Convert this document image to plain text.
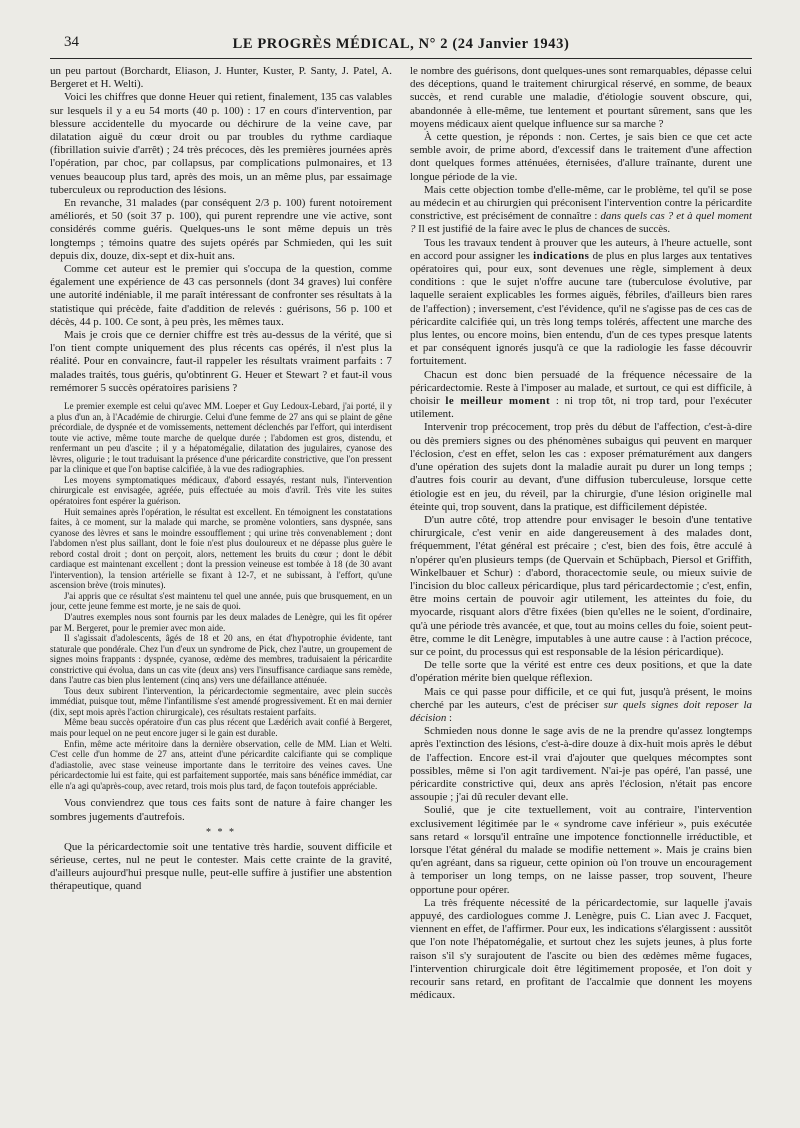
34	LE PROGRÈS MÉDICAL, N° 2 (24 Janvier 1943)

un peu partout (Borchardt, Eliason, J. Hunter, Kuster, P. Santy, J. Patel, A. Bergeret et H. Welti).

Voici les chiffres que donne Heuer qui retient, finalement, 135 cas valables sur lesquels il y a eu 54 morts (40 p. 100) : 17 en cours d'intervention, par blessure accidentelle du myocarde ou déchirure de la veine cave, par dilatation aiguë du cœur droit ou par troubles du rythme cardiaque (fibrillation suivie d'arrêt) ; 24 très précoces, dès les premières journées après l'opération, par choc, par collapsus, par complications pulmonaires, et 13 venues beaucoup plus tard, après des mois, un an même plus, par essaimage tuberculeux ou reproduction des lésions.

En revanche, 31 malades (par conséquent 2/3 p. 100) furent notoirement améliorés, et 50 (soit 37 p. 100), qui purent reprendre une vie active, sont considérés comme guéris. Quelques-uns le sont même depuis un très longtemps ; témoins quatre des sujets opérés par Schmieden, qui les suit depuis dix, douze, dix-sept et dix-huit ans.

Comme cet auteur est le premier qui s'occupa de la question, comme également une expérience de 43 cas personnels (dont 34 graves) lui confère une autorité indéniable, il me paraît intéressant de confronter ses résultats à la statistique qui précède, faite d'addition de relevés : guérisons, 56 p. 100 et décès, 44 p. 100. Ce sont, à peu près, les mêmes taux.

Mais je crois que ce dernier chiffre est très au-dessus de la vérité, que si l'on tient compte uniquement des plus récents cas opérés, il n'est plus la réalité. Pour en convaincre, faut-il rappeler les résultats vraiment parfaits : 7 malades traités, tous guéris, qu'obtinrent G. Heuer et Stewart ? et faut-il vous remémorer 5 succès opératoires parisiens ?

Le premier exemple est celui qu'avec MM. Loeper et Guy Ledoux-Lebard, j'ai porté, il y a plus d'un an, à l'Académie de chirurgie. Celui d'une femme de 27 ans qui se plaint de gêne précordiale, de dyspnée et de vomissements, nettement déclenchés par l'effort, qui interdisent toute vie active, même toute marche de quelque durée ; l'abdomen est gros, distendu, et renfermant un peu d'ascite ; il y a hépatomégalie, dilatation des jugulaires, cyanose des lèvres, oligurie ; le tout traduisant la présence d'une péricardite constrictive, que l'on pressent par la clinique et que l'on baptise calcifiée, à la vue des radiographies.

Les moyens symptomatiques médicaux, d'abord essayés, restant nuls, l'intervention chirurgicale est envisagée, agréée, puis effectuée au mois d'avril. Très vite les suites opératoires font espérer la guérison.

Huit semaines après l'opération, le résultat est excellent. En témoignent les constatations faites, à ce moment, sur la malade qui marche, se promène volontiers, sans dyspnée, sans cyanose des lèvres et sans le moindre essoufflement ; qui urine très convenablement ; dont l'abdomen n'est plus saillant, dont le foie n'est plus douloureux et ne dépasse plus guère le rebord costal droit ; dont on perçoit, alors, nettement les bruits du cœur ; dont le débit cardiaque est maintenant excellent ; dont la pression veineuse est tombée à 18 (de 30 avant l'intervention), la tension artérielle se fixant à 12-7, et ne subissant, à l'effort, qu'une ascension brève (trois minutes).

J'ai appris que ce résultat s'est maintenu tel quel une année, puis que brusquement, en un jour, cette jeune femme est morte, je ne sais de quoi.

D'autres exemples nous sont fournis par les deux malades de Lenègre, qui les fit opérer par M. Bergeret, pour le premier avec mon aide.

Il s'agissait d'adolescents, âgés de 18 et 20 ans, en état d'hypotrophie évidente, tant staturale que pondérale. Chez l'un d'eux un syndrome de Pick, chez l'autre, un groupement de signes moins frappants : dyspnée, cyanose, œdème des membres, traduisaient la péricardite constrictive qui évolua, dans un cas vite (deux ans) vers l'insuffisance cardiaque sans remède, dans l'autre cas bien plus lentement (cinq ans) vers une défaillance atténuée.

Tous deux subirent l'intervention, la péricardectomie segmentaire, avec plein succès immédiat, puisque tout, même l'infantilisme s'est amendé progressivement. Et en mai dernier (dix, sept mois après l'action chirurgicale), ces résultats restaient parfaits.

Même beau succès opératoire d'un cas plus récent que Lædérich avait confié à Bergeret, mais pour lequel on ne peut encore juger si le gain est durable.

Enfin, même acte méritoire dans la dernière observation, celle de MM. Lian et Welti. C'est celle d'un homme de 27 ans, atteint d'une péricardite calcifiante qui se complique d'adiastolie, avec stase veineuse importante dans le territoire des veines caves. Une péricardectomie lui est faite, qui est parfaitement supportée, mais sans bénéfice immédiat, car elle n'a agi qu'après-coup, avec retard, trois mois plus tard, de façon toutefois appréciable.

Vous conviendrez que tous ces faits sont de nature à faire changer les sombres jugements d'autrefois.

* * *

Que la péricardectomie soit une tentative très hardie, souvent difficile et sérieuse, certes, nul ne peut le contester. Mais cette crainte de la gravité, d'ailleurs aujourd'hui presque nulle, peut-elle suffire à justifier une abstention thérapeutique, quand

le nombre des guérisons, dont quelques-unes sont remarquables, dépasse celui des déceptions, quand le traitement chirurgical réservé, en somme, de beaux succès, et rend curable une maladie, d'étiologie souvent obscure, qui, abandonnée à elle-même, tue lentement et pourtant sûrement, sans que les moyens médicaux aient quelque influence sur sa marche ?

À cette question, je réponds : non. Certes, je sais bien ce que cet acte semble avoir, de prime abord, d'excessif dans le traitement d'une affection dont quelques formes atténuées, éternisées, d'allure traînante, durent une longue période de la vie.

Mais cette objection tombe d'elle-même, car le problème, tel qu'il se pose au médecin et au chirurgien qui préconisent l'intervention contre la péricardite constrictive, est précisément de connaître : dans quels cas ? et à quel moment ? Il est justifié de la faire avec le plus de chances de succès.

Tous les travaux tendent à prouver que les auteurs, à l'heure actuelle, sont en accord pour assigner les indications de plus en plus larges aux tentatives opératoires qui, pour eux, sont devenues une règle, simplement à deux conditions : que le sujet n'offre aucune tare (tuberculose évolutive, par laquelle seraient explicables les formes aiguës, fébriles, d'ailleurs bien rares de l'affection) ; inversement, c'est l'évidence, qu'il ne s'agisse pas de ces cas de péricardite calcifiée qui, un très long temps tolérés, affectent une marche des plus lentes, ou encore moins, bien entendu, d'un de ces types presque latents et par conséquent ignorés jusqu'à ce que la radiologie les fasse découvrir fortuitement.

Chacun est donc bien persuadé de la fréquence nécessaire de la péricardectomie. Reste à l'imposer au malade, et surtout, ce qui est difficile, à choisir le meilleur moment : ni trop tôt, ni trop tard, pour l'exécuter utilement.

Intervenir trop précocement, trop près du début de l'affection, c'est-à-dire ou dès premiers signes ou des phénomènes subaigus qui peuvent en marquer l'éclosion, c'est en effet, selon les cas : exposer prématurément aux dangers d'une opération des sujets dont la maladie aurait pu durer un long temps ; d'autres fois courir au devant, d'une diffusion tuberculeuse, lorsque cette étiologie est en jeu, du réveil, par la chirurgie, d'une lésion originelle mal éteinte qui, trop souvent, dans la pratique, est difficilement dépistée.

D'un autre côté, trop attendre pour envisager le besoin d'une tentative chirurgicale, c'est venir en aide dangereusement à des malades dont, fréquemment, l'état général est précaire ; c'est, bien des fois, être acculé à n'opérer qu'en plusieurs temps (de Quervain et Schüpbach, Piersol et Griffith, Winkelbauer et Schur) : d'abord, thoracectomie seule, ou mieux suivie de l'incision du bloc calleux péricardique, plus tard péricardectomie ; c'est, enfin, être moins certain de pouvoir agir utilement, les atteintes du foie, du myocarde, risquant alors d'être fixées (bien qu'elles ne le soient, d'ordinaire, qu'à une période très avancée, et que, tout au moins celles du foie, soient peut-être, comme le dit Lenègre, imputables à une autre cause : à l'action précoce, sur ce point, du processus qui est responsable de la lésion péricardique).

De telle sorte que la vérité est entre ces deux positions, et que la date d'opération mérite bien quelque réflexion.

Mais ce qui passe pour difficile, et ce qui fut, jusqu'à présent, le moins cherché par les auteurs, c'est de préciser sur quels signes doit reposer la décision :

Schmieden nous donne le sage avis de ne la prendre qu'assez longtemps après l'extinction des lésions, c'est-à-dire douze à dix-huit mois après le début de l'affection. Encore est-il vrai d'ajouter que quelques mécomptes sont possibles, même si l'on agit tardivement. N'ai-je pas opéré, l'an passé, une péricardite constrictive qui, deux ans après l'éclosion, n'était pas encore assoupie ; j'ai dû reculer devant elle.

Soulié, que je cite textuellement, voit au contraire, l'intervention exclusivement légitimée par le « syndrome cave inférieur », puis exécutée sans retard « lorsqu'il entraîne une impotence fonctionnelle irréductible, et lorsque l'état général du malade se modifie nettement ». Mais je crains bien qu'en agréant, dans sa rigueur, cette opinion où l'on trouve un encouragement à temporiser un long temps, on ne laisse passer, trop souvent, l'heure opportune pour opérer.

La très fréquente nécessité de la péricardectomie, sur laquelle j'avais appuyé, des cardiologues comme J. Lenègre, puis C. Lian avec J. Facquet, viennent en effet, de l'affirmer. Pour eux, les indications s'élargissent : aussitôt que l'on note l'hépatomégalie, et surtout chez les sujets jeunes, à plus forte raison s'il s'y surajoutent de l'ascite ou bien des œdèmes même fugaces, l'intervention chirurgicale doit être légitimement proposée, et l'on doit y recourir sans retard, en profitant de l'accalmie que donnent les moyens médicaux.
